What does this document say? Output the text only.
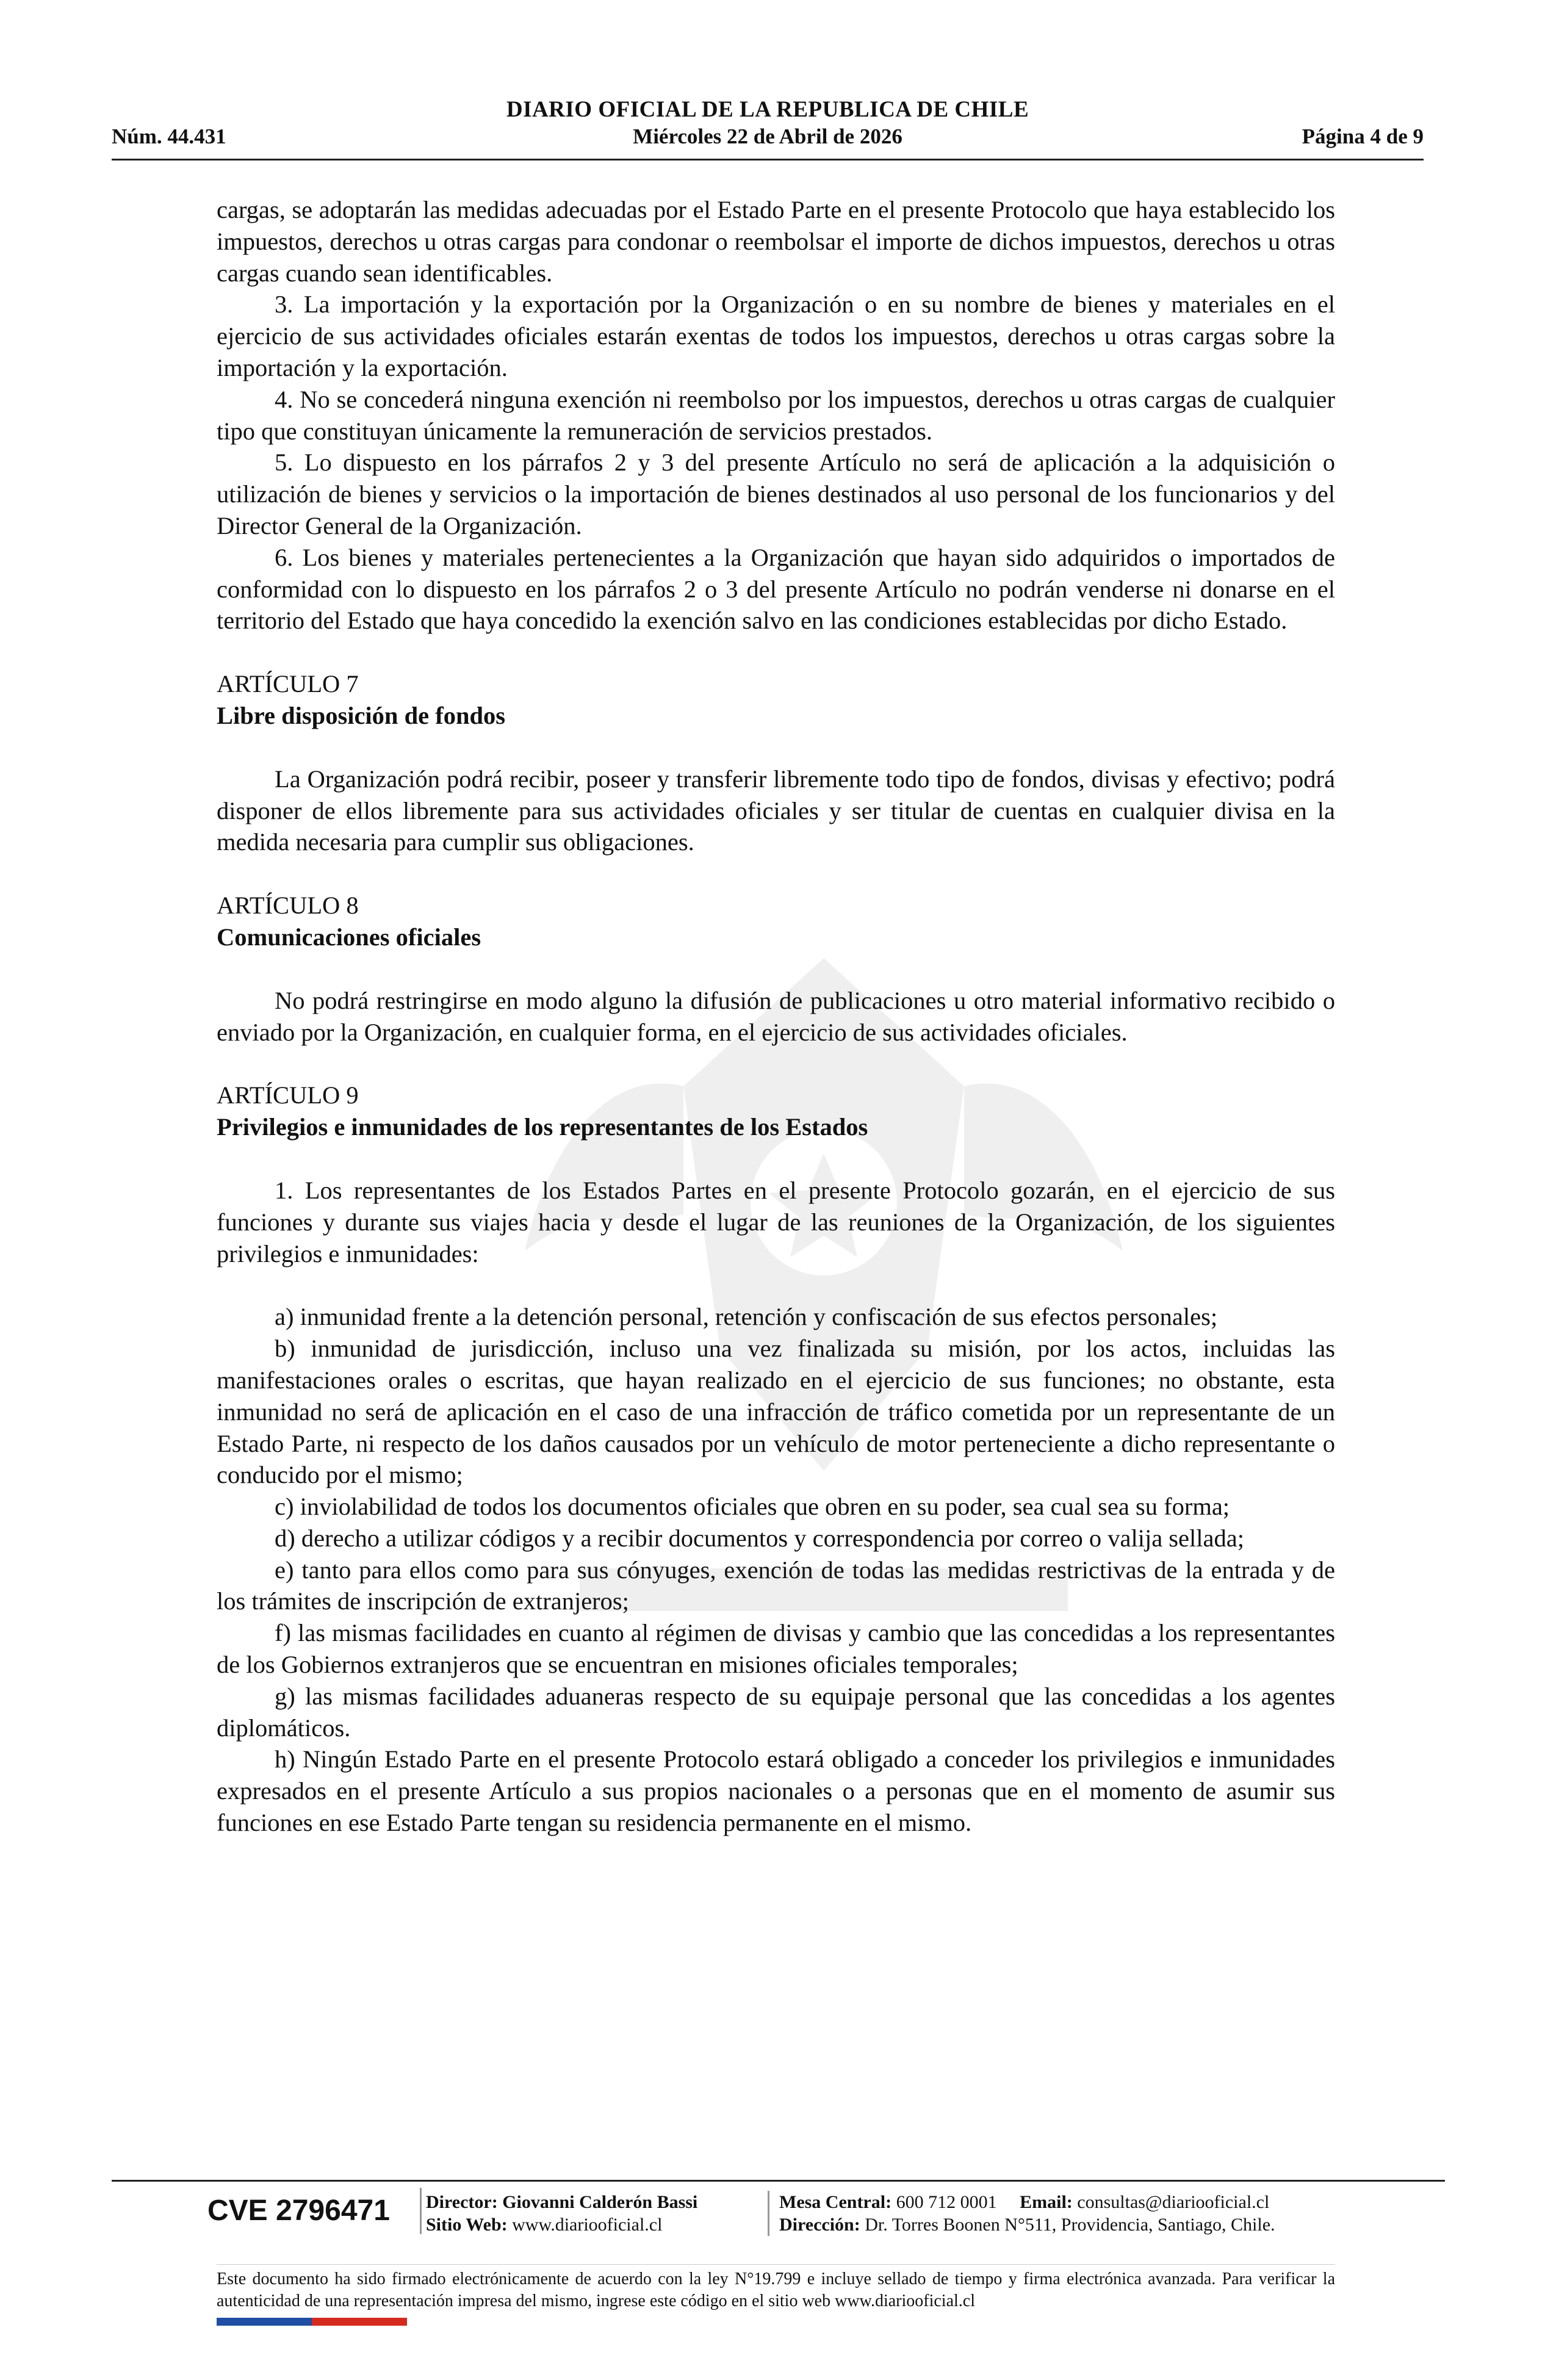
DIARIO OFICIAL DE LA REPUBLICA DE CHILE
Núm. 44.431	Miércoles 22 de Abril de 2026	Página 4 de 9

cargas, se adoptarán las medidas adecuadas por el Estado Parte en el presente Protocolo que haya establecido los impuestos, derechos u otras cargas para condonar o reembolsar el importe de dichos impuestos, derechos u otras cargas cuando sean identificables.

3. La importación y la exportación por la Organización o en su nombre de bienes y materiales en el ejercicio de sus actividades oficiales estarán exentas de todos los impuestos, derechos u otras cargas sobre la importación y la exportación.

4. No se concederá ninguna exención ni reembolso por los impuestos, derechos u otras cargas de cualquier tipo que constituyan únicamente la remuneración de servicios prestados.

5. Lo dispuesto en los párrafos 2 y 3 del presente Artículo no será de aplicación a la adquisición o utilización de bienes y servicios o la importación de bienes destinados al uso personal de los funcionarios y del Director General de la Organización.

6. Los bienes y materiales pertenecientes a la Organización que hayan sido adquiridos o importados de conformidad con lo dispuesto en los párrafos 2 o 3 del presente Artículo no podrán venderse ni donarse en el territorio del Estado que haya concedido la exención salvo en las condiciones establecidas por dicho Estado.

ARTÍCULO 7

Libre disposición de fondos

La Organización podrá recibir, poseer y transferir libremente todo tipo de fondos, divisas y efectivo; podrá disponer de ellos libremente para sus actividades oficiales y ser titular de cuentas en cualquier divisa en la medida necesaria para cumplir sus obligaciones.

ARTÍCULO 8

Comunicaciones oficiales

No podrá restringirse en modo alguno la difusión de publicaciones u otro material informativo recibido o enviado por la Organización, en cualquier forma, en el ejercicio de sus actividades oficiales.

ARTÍCULO 9

Privilegios e inmunidades de los representantes de los Estados

1. Los representantes de los Estados Partes en el presente Protocolo gozarán, en el ejercicio de sus funciones y durante sus viajes hacia y desde el lugar de las reuniones de la Organización, de los siguientes privilegios e inmunidades:

a) inmunidad frente a la detención personal, retención y confiscación de sus efectos personales;

b) inmunidad de jurisdicción, incluso una vez finalizada su misión, por los actos, incluidas las manifestaciones orales o escritas, que hayan realizado en el ejercicio de sus funciones; no obstante, esta inmunidad no será de aplicación en el caso de una infracción de tráfico cometida por un representante de un Estado Parte, ni respecto de los daños causados por un vehículo de motor perteneciente a dicho representante o conducido por el mismo;

c) inviolabilidad de todos los documentos oficiales que obren en su poder, sea cual sea su forma;

d) derecho a utilizar códigos y a recibir documentos y correspondencia por correo o valija sellada;

e) tanto para ellos como para sus cónyuges, exención de todas las medidas restrictivas de la entrada y de los trámites de inscripción de extranjeros;

f) las mismas facilidades en cuanto al régimen de divisas y cambio que las concedidas a los representantes de los Gobiernos extranjeros que se encuentran en misiones oficiales temporales;

g) las mismas facilidades aduaneras respecto de su equipaje personal que las concedidas a los agentes diplomáticos.

h) Ningún Estado Parte en el presente Protocolo estará obligado a conceder los privilegios e inmunidades expresados en el presente Artículo a sus propios nacionales o a personas que en el momento de asumir sus funciones en ese Estado Parte tengan su residencia permanente en el mismo.

CVE 2796471	Director: Giovanni Calderón Bassi
Sitio Web: www.diariooficial.cl
Mesa Central: 600 712 0001 Email: consultas@diariooficial.cl
Dirección: Dr. Torres Boonen N°511, Providencia, Santiago, Chile.
Este documento ha sido firmado electrónicamente de acuerdo con la ley N°19.799 e incluye sellado de tiempo y firma electrónica avanzada. Para verificar la autenticidad de una representación impresa del mismo, ingrese este código en el sitio web www.diariooficial.cl
